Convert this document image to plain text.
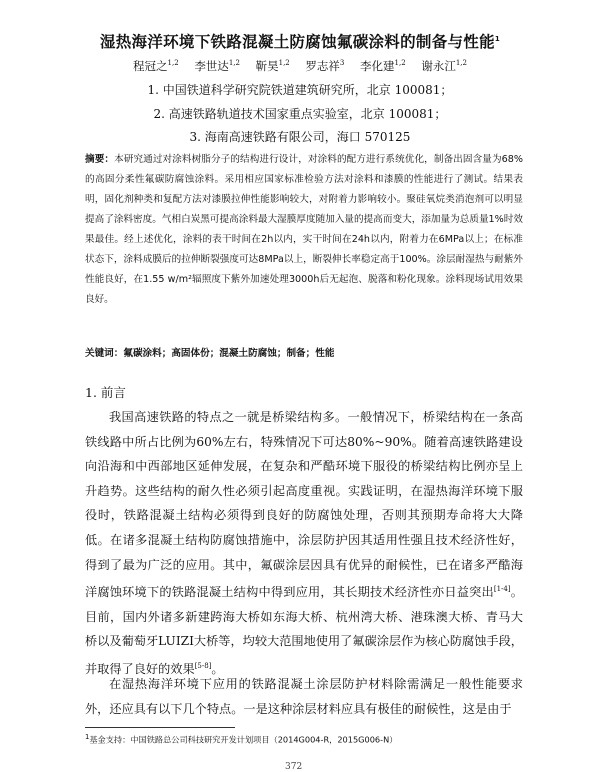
湿热海洋环境下铁路混凝土防腐蚀氟碳涂料的制备与性能$^1$
程冠之$^{1,2}$ 李世达$^{1,2}$ 靳昊$^{1,2}$ 罗志祥$^3$ 李化建$^{1,2}$ 谢永江$^{1,2}$
1. 中国铁道科学研究院铁道建筑研究所，北京 100081；
2. 高速铁路轨道技术国家重点实验室，北京 100081；
3. 海南高速铁路有限公司，海口 570125
摘要：本研究通过对涂料树脂分子的结构进行设计，对涂料的配方进行系统优化，制备出固含量为68%的高固分柔性氟碳防腐蚀涂料。采用相应国家标准检验方法对涂料和漆膜的性能进行了测试。结果表明，固化剂种类和复配方法对漆膜拉伸性能影响较大，对附着力影响较小。聚硅氧烷类消泡剂可以明显提高了涂料密度。气相白炭黑可提高涂料最大湿膜厚度随加入量的提高而变大，添加量为总质量1%时效果最佳。经上述优化，涂料的表干时间在2h以内，实干时间在24h以内，附着力在6MPa以上；在标准状态下，涂料成膜后的拉伸断裂强度可达8MPa以上，断裂伸长率稳定高于100%。涂层耐湿热与耐紫外性能良好，在1.55 w/m²辐照度下紫外加速处理3000h后无起泡、脱落和粉化现象。涂料现场试用效果良好。
关键词：氟碳涂料；高固体份；混凝土防腐蚀；制备；性能
1. 前言
我国高速铁路的特点之一就是桥梁结构多。一般情况下，桥梁结构在一条高铁线路中所占比例为60%左右，特殊情况下可达80%~90%。随着高速铁路建设向沿海和中西部地区延伸发展，在复杂和严酷环境下服役的桥梁结构比例亦呈上升趋势。这些结构的耐久性必须引起高度重视。实践证明，在湿热海洋环境下服役时，铁路混凝土结构必须得到良好的防腐蚀处理，否则其预期寿命将大大降低。在诸多混凝土结构防腐蚀措施中，涂层防护因其适用性强且技术经济性好，得到了最为广泛的应用。其中，氟碳涂层因具有优异的耐候性，已在诸多严酷海洋腐蚀环境下的铁路混凝土结构中得到应用，其长期技术经济性亦日益突出[1-4]。目前，国内外诸多新建跨海大桥如东海大桥、杭州湾大桥、港珠澳大桥、青马大桥以及葡萄牙LUIZI大桥等，均较大范围地使用了氟碳涂层作为核心防腐蚀手段，并取得了良好的效果[5-8]。
在湿热海洋环境下应用的铁路混凝土涂层防护材料除需满足一般性能要求外，还应具有以下几个特点。一是这种涂层材料应具有极佳的耐候性，这是由于
$^1$基金支持：中国铁路总公司科技研究开发计划项目（2014G004-R，2015G006-N）
372
